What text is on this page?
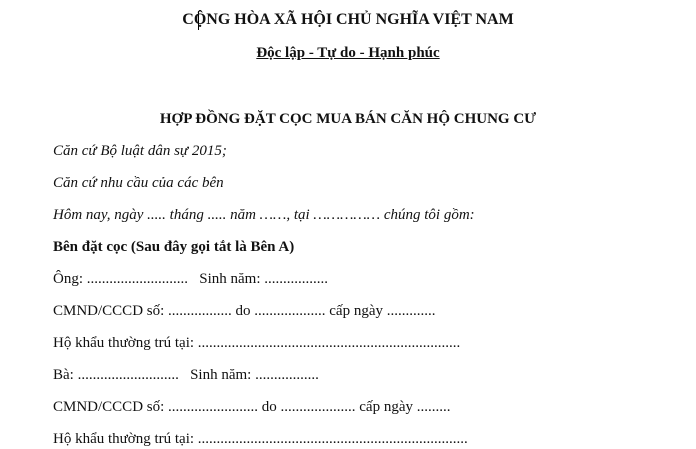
CỘNG HÒA XÃ HỘI CHỦ NGHĨA VIỆT NAM
Độc lập - Tự do - Hạnh phúc
HỢP ĐỒNG ĐẶT CỌC MUA BÁN CĂN HỘ CHUNG CƯ
Căn cứ Bộ luật dân sự 2015;
Căn cứ nhu cầu của các bên
Hôm nay, ngày ..... tháng ..... năm ……, tại …………… chúng tôi gồm:
Bên đặt cọc (Sau đây gọi tắt là Bên A)
Ông: ...........................   Sinh năm: .................
CMND/CCCD số: ................. do ................... cấp ngày .............
Hộ khẩu thường trú tại: ......................................................................
Bà: ...........................   Sinh năm: .................
CMND/CCCD số: ........................ do .................... cấp ngày .........
Hộ khẩu thường trú tại: ........................................................................
